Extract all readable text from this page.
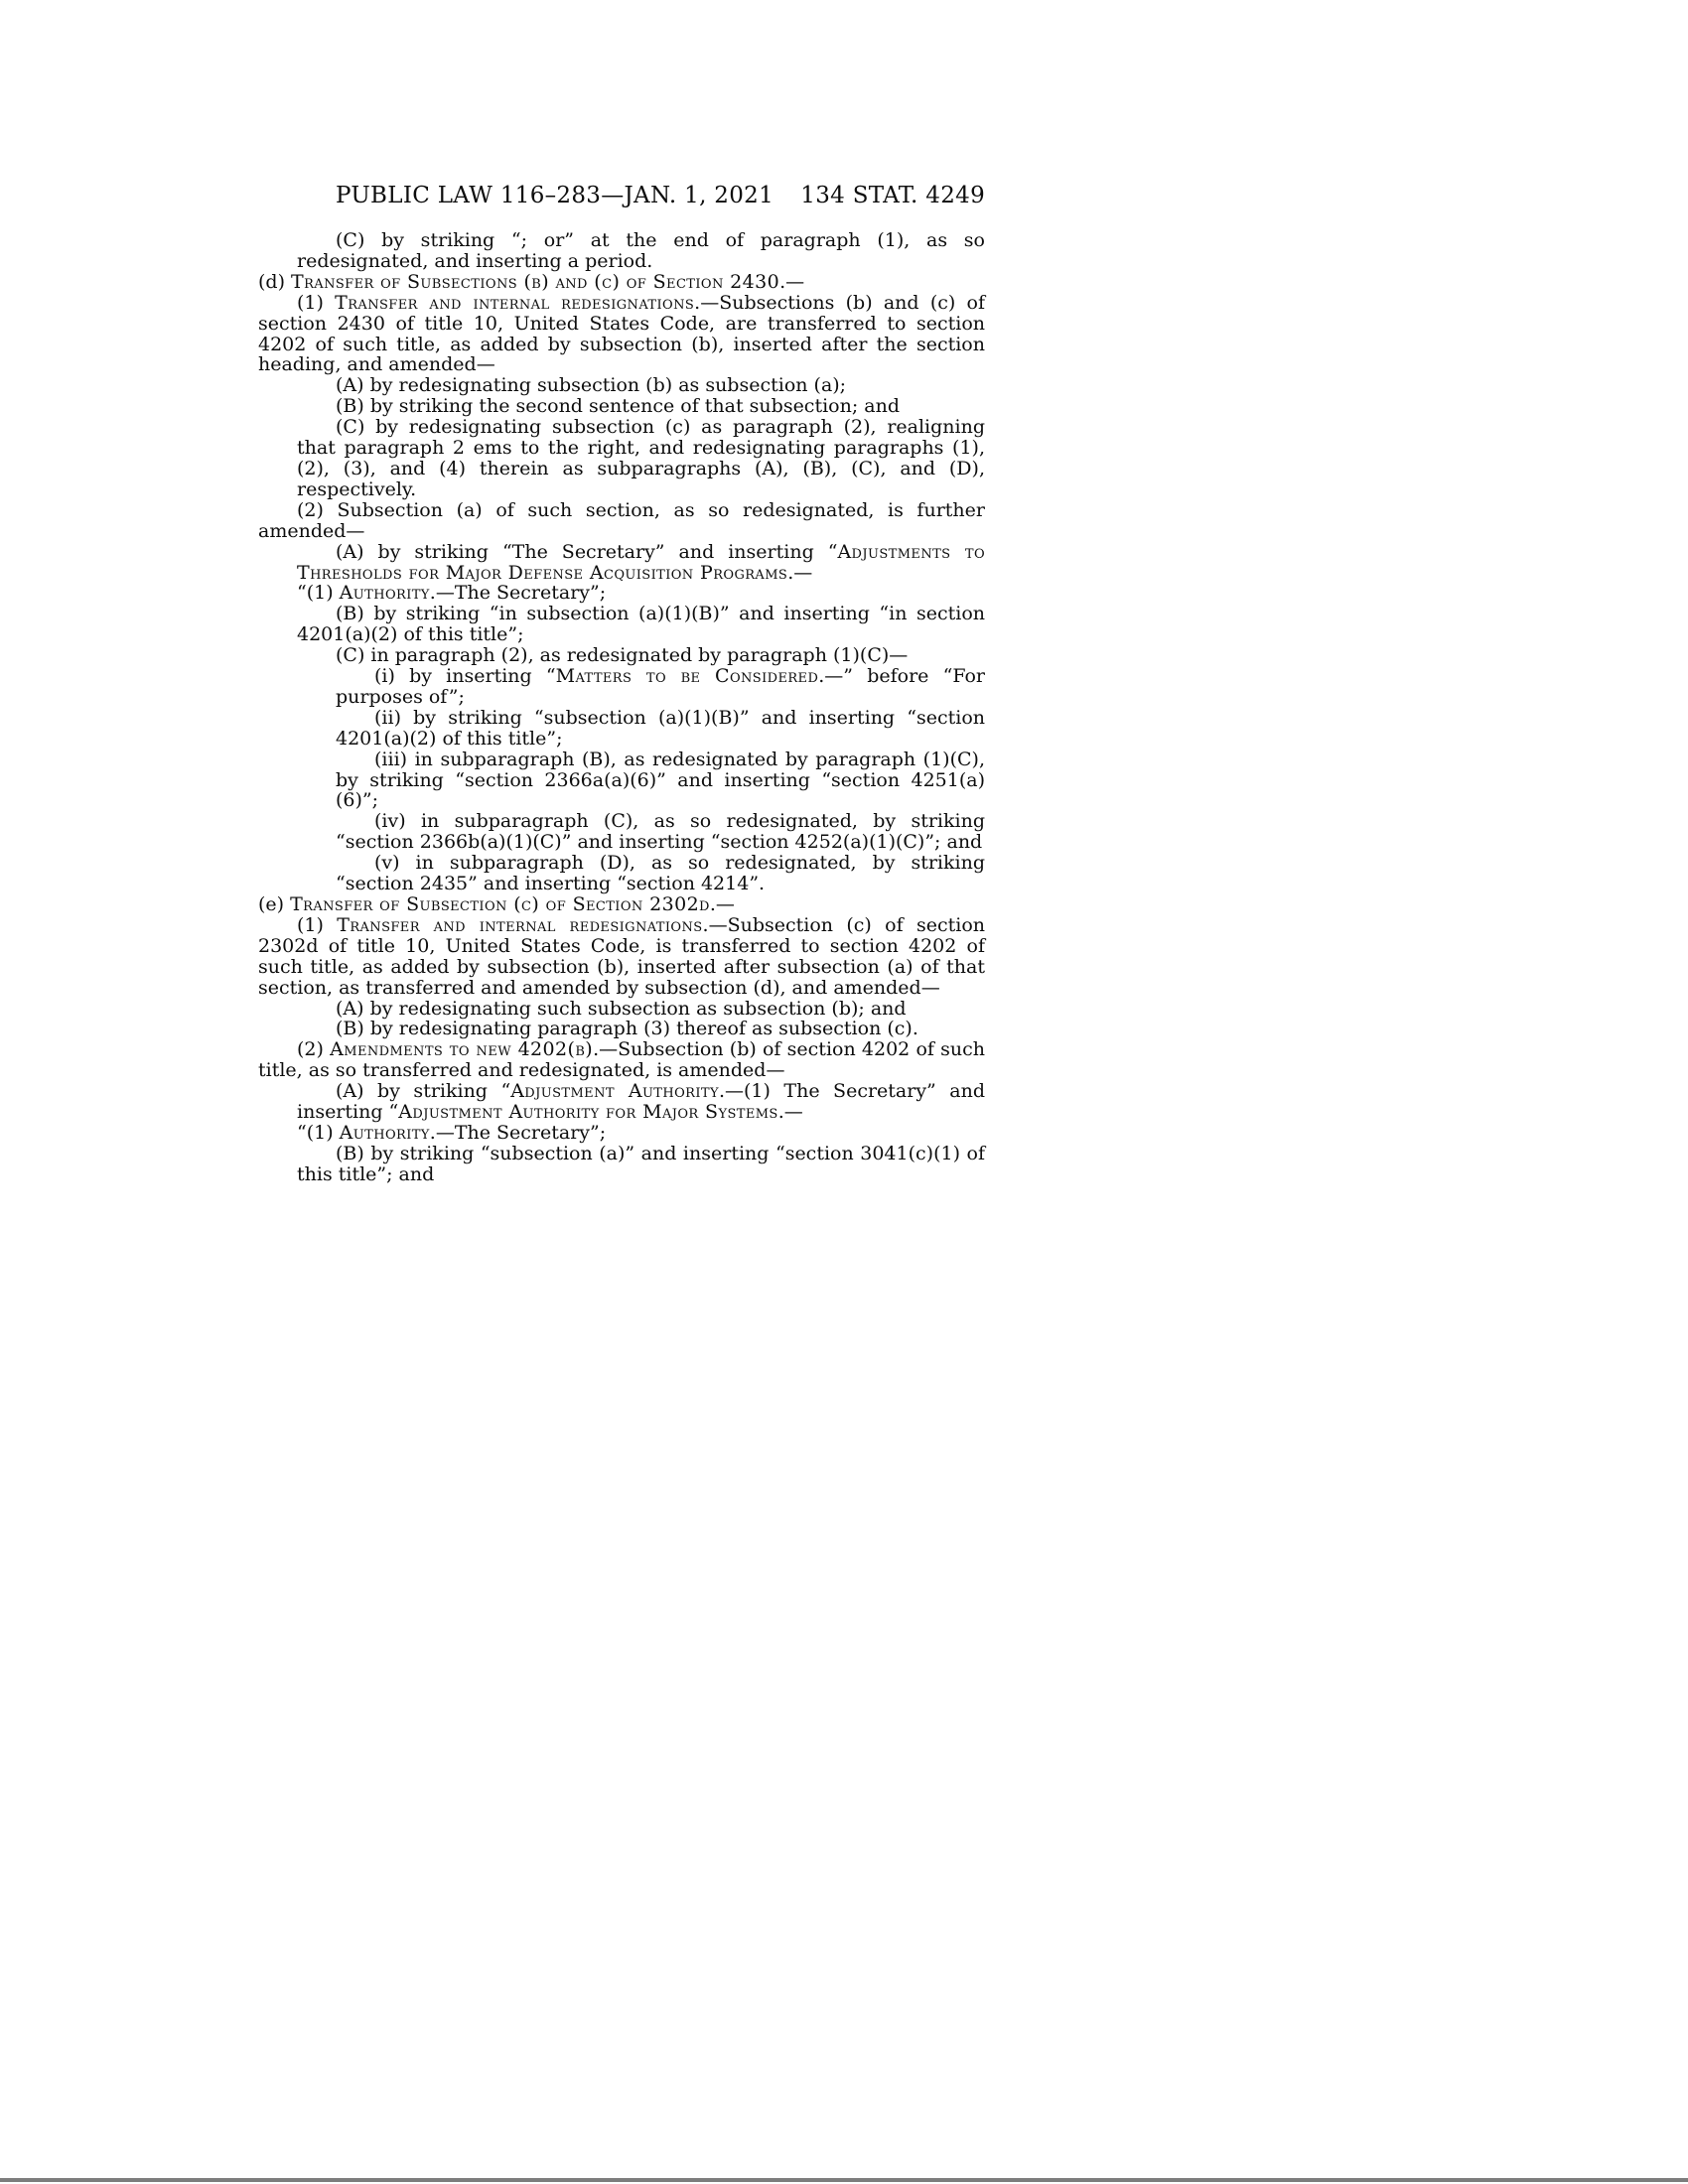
PUBLIC LAW 116–283—JAN. 1, 2021 134 STAT. 4249

(C) by striking “; or” at the end of paragraph (1), as so redesignated, and inserting a period.

(d) Transfer of Subsections (b) and (c) of Section 2430.—

(1) Transfer and internal redesignations.—Subsections (b) and (c) of section 2430 of title 10, United States Code, are transferred to section 4202 of such title, as added by subsection (b), inserted after the section heading, and amended—

(A) by redesignating subsection (b) as subsection (a);

(B) by striking the second sentence of that subsection; and

(C) by redesignating subsection (c) as paragraph (2), realigning that paragraph 2 ems to the right, and redesignating paragraphs (1), (2), (3), and (4) therein as subparagraphs (A), (B), (C), and (D), respectively.

(2) Subsection (a) of such section, as so redesignated, is further amended—

(A) by striking “The Secretary” and inserting “Adjustments to Thresholds for Major Defense Acquisition Programs.—

“(1) Authority.—The Secretary”;

(B) by striking “in subsection (a)(1)(B)” and inserting “in section 4201(a)(2) of this title”;

(C) in paragraph (2), as redesignated by paragraph (1)(C)—

(i) by inserting “Matters to be Considered.—” before “For purposes of”;

(ii) by striking “subsection (a)(1)(B)” and inserting “section 4201(a)(2) of this title”;

(iii) in subparagraph (B), as redesignated by paragraph (1)(C), by striking “section 2366a(a)(6)” and inserting “section 4251(a)(6)”;

(iv) in subparagraph (C), as so redesignated, by striking “section 2366b(a)(1)(C)” and inserting “section 4252(a)(1)(C)”; and

(v) in subparagraph (D), as so redesignated, by striking “section 2435” and inserting “section 4214”.

(e) Transfer of Subsection (c) of Section 2302d.—

(1) Transfer and internal redesignations.—Subsection (c) of section 2302d of title 10, United States Code, is transferred to section 4202 of such title, as added by subsection (b), inserted after subsection (a) of that section, as transferred and amended by subsection (d), and amended—

(A) by redesignating such subsection as subsection (b); and

(B) by redesignating paragraph (3) thereof as subsection (c).

(2) Amendments to new 4202(b).—Subsection (b) of section 4202 of such title, as so transferred and redesignated, is amended—

(A) by striking “Adjustment Authority.—(1) The Secretary” and inserting “Adjustment Authority for Major Systems.—

“(1) Authority.—The Secretary”;

(B) by striking “subsection (a)” and inserting “section 3041(c)(1) of this title”; and
